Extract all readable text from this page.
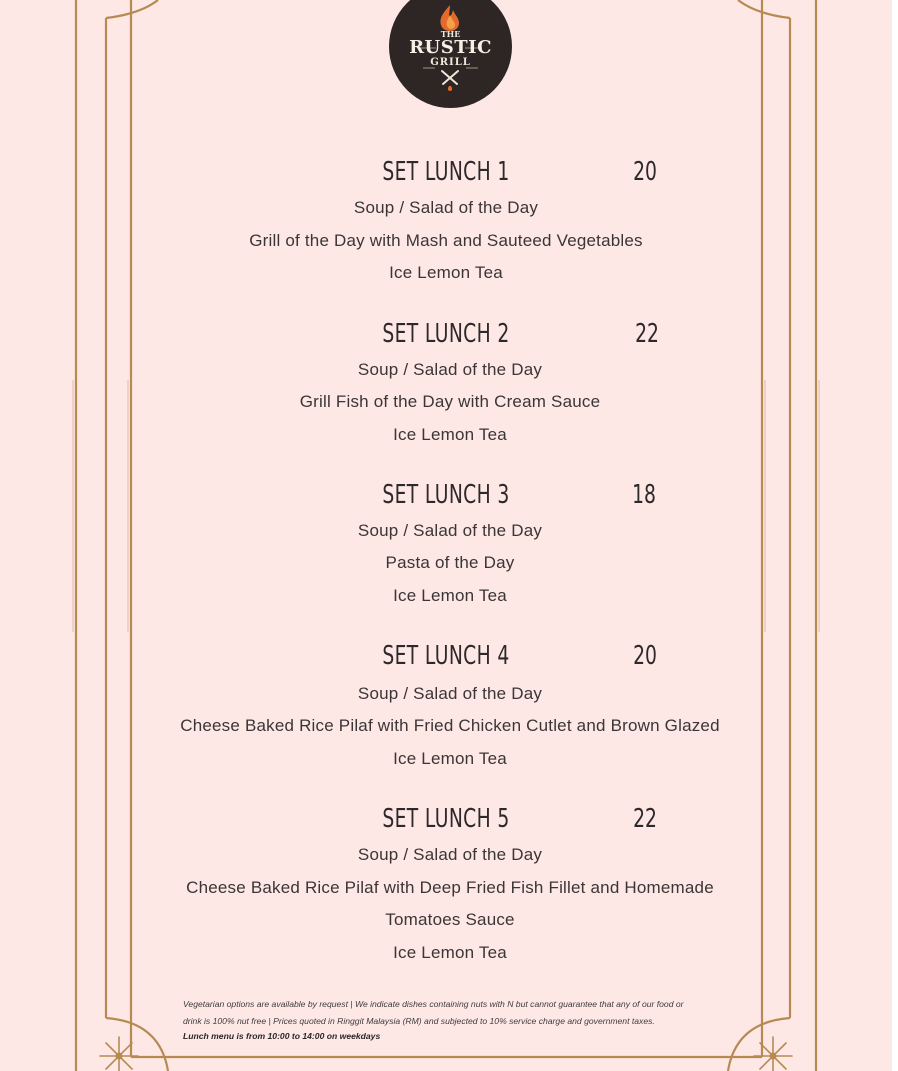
THE
RUSTIC
GRILL
SET LUNCH 1	20
Soup / Salad of the Day
Grill of the Day with Mash and Sauteed Vegetables
Ice Lemon Tea
SET LUNCH 2	22
Soup / Salad of the Day
Grill Fish of the Day with Cream Sauce
Ice Lemon Tea
SET LUNCH 3	18
Soup / Salad of the Day
Pasta of the Day
Ice Lemon Tea
SET LUNCH 4	20
Soup / Salad of the Day
Cheese Baked Rice Pilaf with Fried Chicken Cutlet and Brown Glazed
Ice Lemon Tea
SET LUNCH 5	22
Soup / Salad of the Day
Cheese Baked Rice Pilaf with Deep Fried Fish Fillet and Homemade
Tomatoes Sauce
Ice Lemon Tea
Vegetarian options are available by request | We indicate dishes containing nuts with N but cannot guarantee that any of our food or
drink is 100% nut free | Prices quoted in Ringgit Malaysia (RM) and subjected to 10% service charge and government taxes.
Lunch menu is from 10:00 to 14:00 on weekdays
